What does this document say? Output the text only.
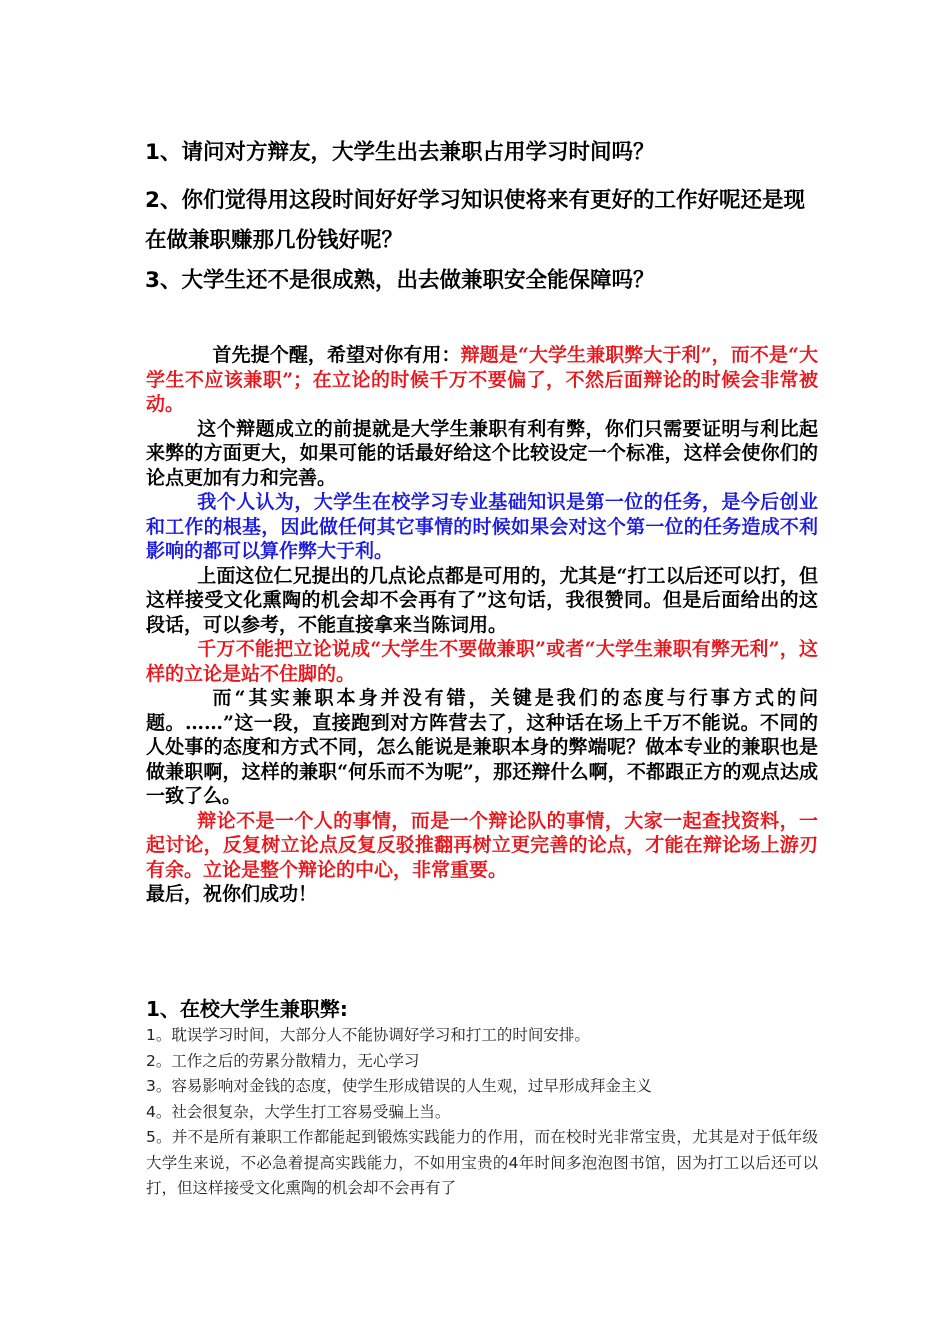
1、请问对方辩友，大学生出去兼职占用学习时间吗？

2、你们觉得用这段时间好好学习知识使将来有更好的工作好呢还是现在做兼职赚那几份钱好呢？

3、大学生还不是很成熟，出去做兼职安全能保障吗？

首先提个醒，希望对你有用：辩题是“大学生兼职弊大于利”，而不是“大学生不应该兼职”；在立论的时候千万不要偏了，不然后面辩论的时候会非常被动。

这个辩题成立的前提就是大学生兼职有利有弊，你们只需要证明与利比起来弊的方面更大，如果可能的话最好给这个比较设定一个标准，这样会使你们的论点更加有力和完善。

我个人认为，大学生在校学习专业基础知识是第一位的任务，是今后创业和工作的根基，因此做任何其它事情的时候如果会对这个第一位的任务造成不利影响的都可以算作弊大于利。

上面这位仁兄提出的几点论点都是可用的，尤其是“打工以后还可以打，但这样接受文化熏陶的机会却不会再有了”这句话，我很赞同。但是后面给出的这段话，可以参考，不能直接拿来当陈词用。

千万不能把立论说成“大学生不要做兼职”或者“大学生兼职有弊无利”，这样的立论是站不住脚的。

而“其实兼职本身并没有错，关键是我们的态度与行事方式的问题。……”这一段，直接跑到对方阵营去了，这种话在场上千万不能说。不同的人处事的态度和方式不同，怎么能说是兼职本身的弊端呢？做本专业的兼职也是做兼职啊，这样的兼职“何乐而不为呢”，那还辩什么啊，不都跟正方的观点达成一致了么。

辩论不是一个人的事情，而是一个辩论队的事情，大家一起查找资料，一起讨论，反复树立论点反复反驳推翻再树立更完善的论点，才能在辩论场上游刃有余。立论是整个辩论的中心，非常重要。

最后，祝你们成功！

1、在校大学生兼职弊:

1。耽误学习时间，大部分人不能协调好学习和打工的时间安排。

2。工作之后的劳累分散精力，无心学习

3。容易影响对金钱的态度，使学生形成错误的人生观，过早形成拜金主义

4。社会很复杂，大学生打工容易受骗上当。

5。并不是所有兼职工作都能起到锻炼实践能力的作用，而在校时光非常宝贵，尤其是对于低年级大学生来说，不必急着提高实践能力，不如用宝贵的4年时间多泡泡图书馆，因为打工以后还可以打，但这样接受文化熏陶的机会却不会再有了
